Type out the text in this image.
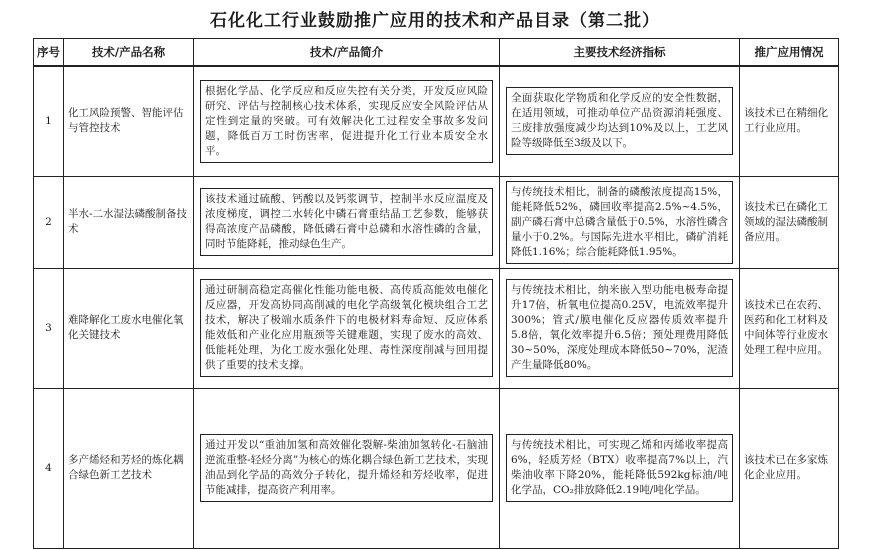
石化化工行业鼓励推广应用的技术和产品目录（第二批）
序号	技术/产品名称	技术/产品简介	主要技术经济指标	推广应用情况
1	化工风险预警、智能评估与管控技术	根据化学品、化学反应和反应失控有关分类，开发反应风险研究、评估与控制核心技术体系，实现反应安全风险评估从定性到定量的突破。可有效解决化工过程安全事故多发问题，降低百万工时伤害率，促进提升化工行业本质安全水平。	全面获取化学物质和化学反应的安全性数据，在适用领域，可推动单位产品资源消耗强度、三废排放强度减少均达到10%及以上，工艺风险等级降低至3级及以下。	该技术已在精细化工行业应用。
2	半水-二水湿法磷酸制备技术	该技术通过硫酸、钙酸以及钙浆调节，控制半水反应温度及浓度梯度，调控二水转化中磷石膏重结晶工艺参数，能够获得高浓度产品磷酸，降低磷石膏中总磷和水溶性磷的含量，同时节能降耗，推动绿色生产。	与传统技术相比，制备的磷酸浓度提高15%，能耗降低52%，磷回收率提高2.5%~4.5%，副产磷石膏中总磷含量低于0.5%，水溶性磷含量小于0.2%。与国际先进水平相比，磷矿消耗降低1.16%；综合能耗降低1.95%。	该技术已在磷化工领域的湿法磷酸制备应用。
3	难降解化工废水电催化氧化关键技术	通过研制高稳定高催化性能功能电极、高传质高能效电催化反应器，开发高协同高削减的电化学高级氧化模块组合工艺技术，解决了极端水质条件下的电极材料寿命短、反应体系能效低和产业化应用瓶颈等关键难题，实现了废水的高效、低能耗处理，为化工废水强化处理、毒性深度削减与回用提供了重要的技术支撑。	与传统技术相比，纳米嵌入型功能电极寿命提升17倍，析氧电位提高0.25V，电流效率提升300%；管式/膜电催化反应器传质效率提升5.8倍，氧化效率提升6.5倍；预处理费用降低30~50%，深度处理成本降低50~70%，泥渣产生量降低80%。	该技术已在农药、医药和化工材料及中间体等行业废水处理工程中应用。
4	多产烯烃和芳烃的炼化耦合绿色新工艺技术	通过开发以“重油加氢和高效催化裂解-柴油加氢转化-石脑油逆流重整-轻烃分离”为核心的炼化耦合绿色新工艺技术，实现油品到化学品的高效分子转化，提升烯烃和芳烃收率，促进节能减排，提高资产利用率。	与传统技术相比，可实现乙烯和丙烯收率提高6%，轻质芳烃（BTX）收率提高7%以上，汽柴油收率下降20%，能耗降低592kg标油/吨化学品，CO₂排放降低2.19吨/吨化学品。	该技术已在多家炼化企业应用。
